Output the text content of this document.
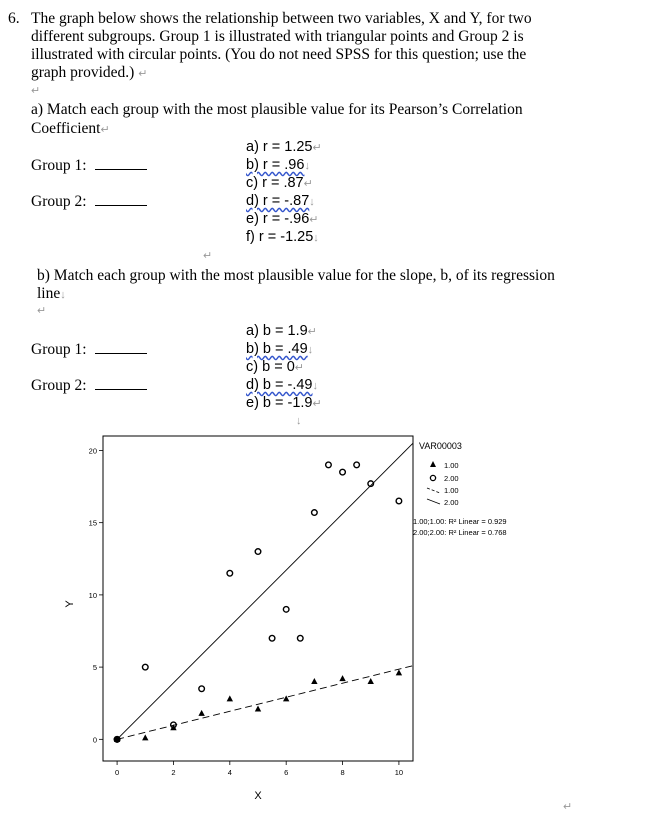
6. The graph below shows the relationship between two variables, X and Y, for two
different subgroups. Group 1 is illustrated with triangular points and Group 2 is
illustrated with circular points. (You do not need SPSS for this question; use the
graph provided.) ↵
↵
a) Match each group with the most plausible value for its Pearson’s Correlation
Coefficient↵
Group 1:
Group 2:
a) r = 1.25↵
b) r = .96↓
c) r = .87↵
d) r = -.87↓
e) r = -.96↵
f) r = -1.25↓
↵
b) Match each group with the most plausible value for the slope, b, of its regression
line↓
↵
Group 1:
Group 2:
a) b = 1.9↵
b) b = .49↓
c) b = 0↵
d) b = -.49↓
e) b = -1.9↵
↓
0	2	4	6	8	10
0
5
10
15
20
X
Y
VAR00003
1.00
2.00
1.00
2.00
1.00;1.00: R² Linear = 0.929
2.00;2.00: R² Linear = 0.768
↵
